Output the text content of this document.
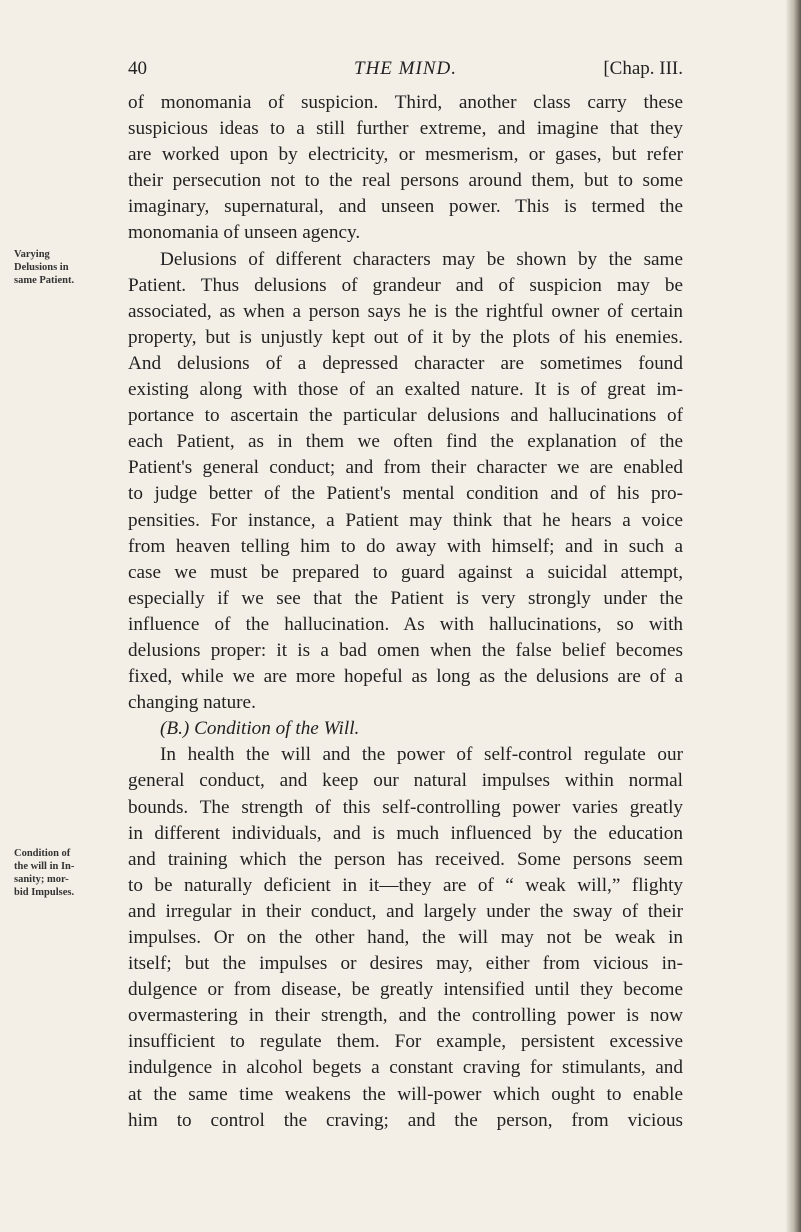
40	THE MIND.	[Chap. III.
Varying
Delusions in
same Patient.
Condition of
the will in In-
sanity; mor-
bid Impulses.
of monomania of suspicion. Third, another class carry these
suspicious ideas to a still further extreme, and imagine that they
are worked upon by electricity, or mesmerism, or gases, but refer
their persecution not to the real persons around them, but to some
imaginary, supernatural, and unseen power. This is termed the
monomania of unseen agency.
Delusions of different characters may be shown by the same
Patient. Thus delusions of grandeur and of suspicion may be
associated, as when a person says he is the rightful owner of certain
property, but is unjustly kept out of it by the plots of his enemies.
And delusions of a depressed character are sometimes found
existing along with those of an exalted nature. It is of great im-
portance to ascertain the particular delusions and hallucinations of
each Patient, as in them we often find the explanation of the
Patient's general conduct; and from their character we are enabled
to judge better of the Patient's mental condition and of his pro-
pensities. For instance, a Patient may think that he hears a voice
from heaven telling him to do away with himself; and in such a
case we must be prepared to guard against a suicidal attempt,
especially if we see that the Patient is very strongly under the
influence of the hallucination. As with hallucinations, so with
delusions proper: it is a bad omen when the false belief becomes
fixed, while we are more hopeful as long as the delusions are of a
changing nature.
(B.) Condition of the Will.
In health the will and the power of self-control regulate our
general conduct, and keep our natural impulses within normal
bounds. The strength of this self-controlling power varies greatly
in different individuals, and is much influenced by the education
and training which the person has received. Some persons seem
to be naturally deficient in it—they are of “ weak will,” flighty
and irregular in their conduct, and largely under the sway of their
impulses. Or on the other hand, the will may not be weak in
itself; but the impulses or desires may, either from vicious in-
dulgence or from disease, be greatly intensified until they become
overmastering in their strength, and the controlling power is now
insufficient to regulate them. For example, persistent excessive
indulgence in alcohol begets a constant craving for stimulants, and
at the same time weakens the will-power which ought to enable
him to control the craving; and the person, from vicious
